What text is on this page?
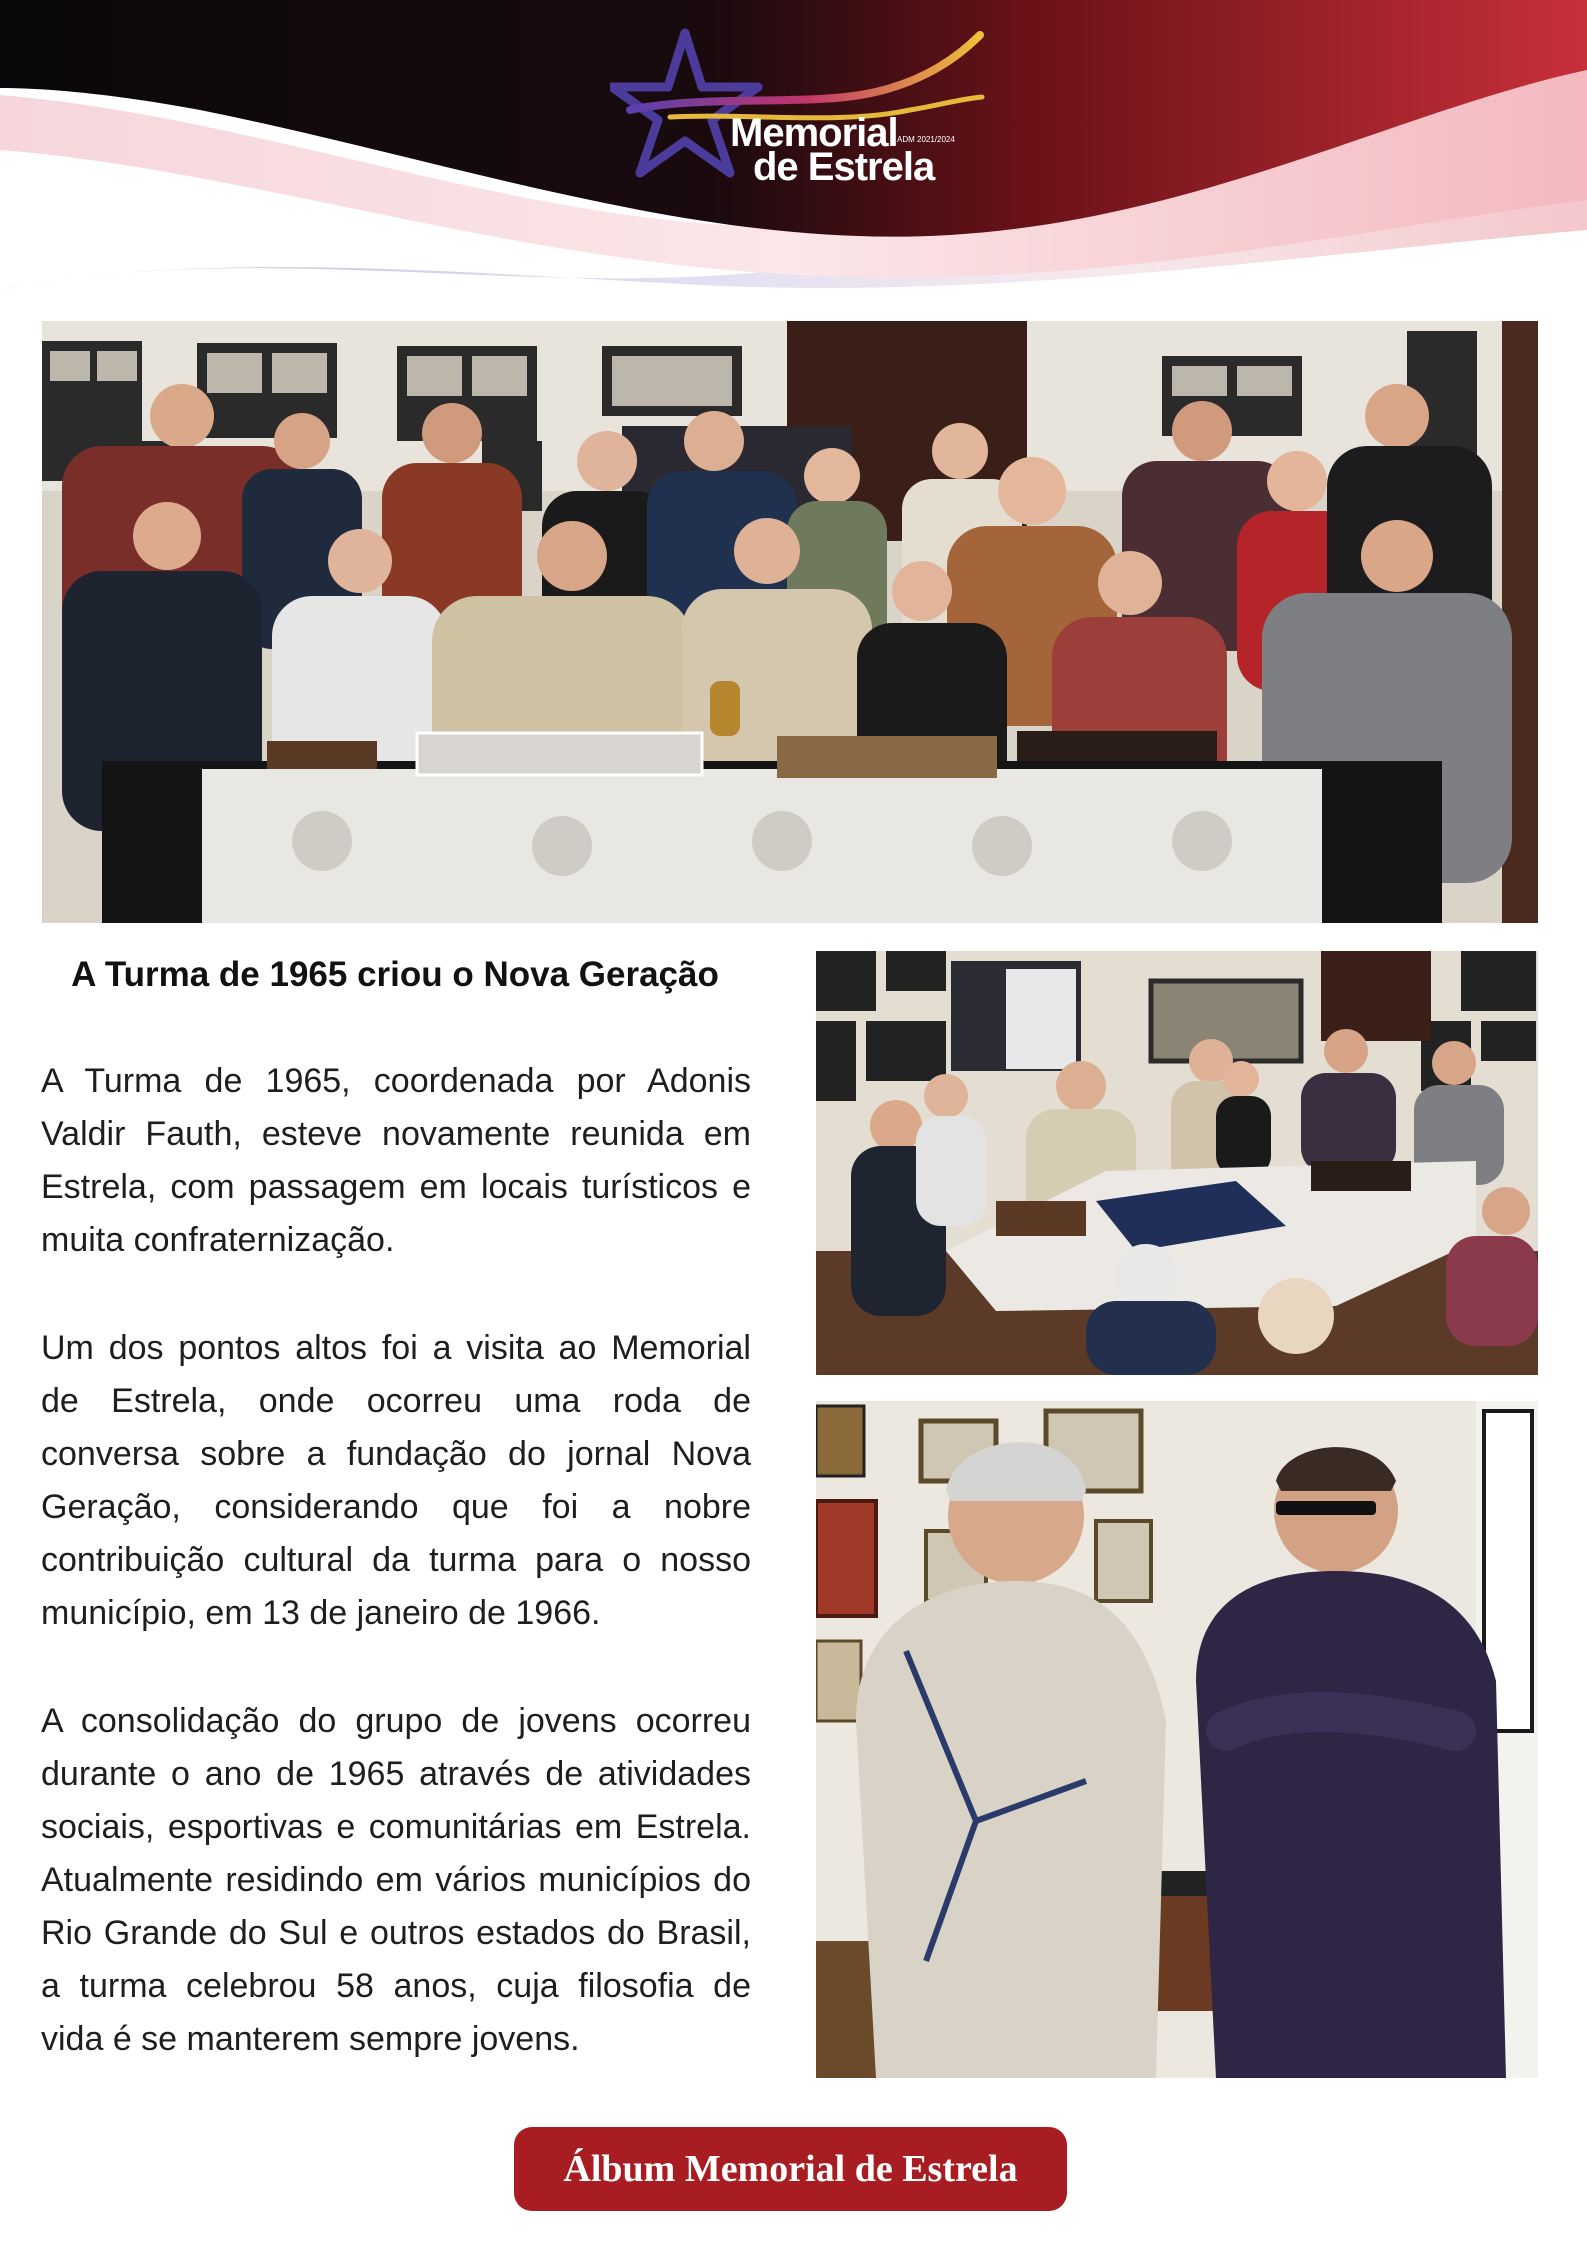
Memorial
de Estrela
ADM 2021/2024
A Turma de 1965 criou o Nova Geração

A Turma de 1965, coordenada por Adonis Valdir Fauth, esteve novamente reunida em Estrela, com passagem em locais turísticos e muita confraternização.

Um dos pontos altos foi a visita ao Memorial de Estrela, onde ocorreu uma roda de conversa sobre a fundação do jornal Nova Geração, considerando que foi a nobre contribuição cultural da turma para o nosso município, em 13 de janeiro de 1966.

A consolidação do grupo de jovens ocorreu durante o ano de 1965 através de atividades sociais, esportivas e comunitárias em Estrela. Atualmente residindo em vários municípios do Rio Grande do Sul e outros estados do Brasil, a turma celebrou 58 anos, cuja filosofia de vida é se manterem sempre jovens.

Álbum Memorial de Estrela
